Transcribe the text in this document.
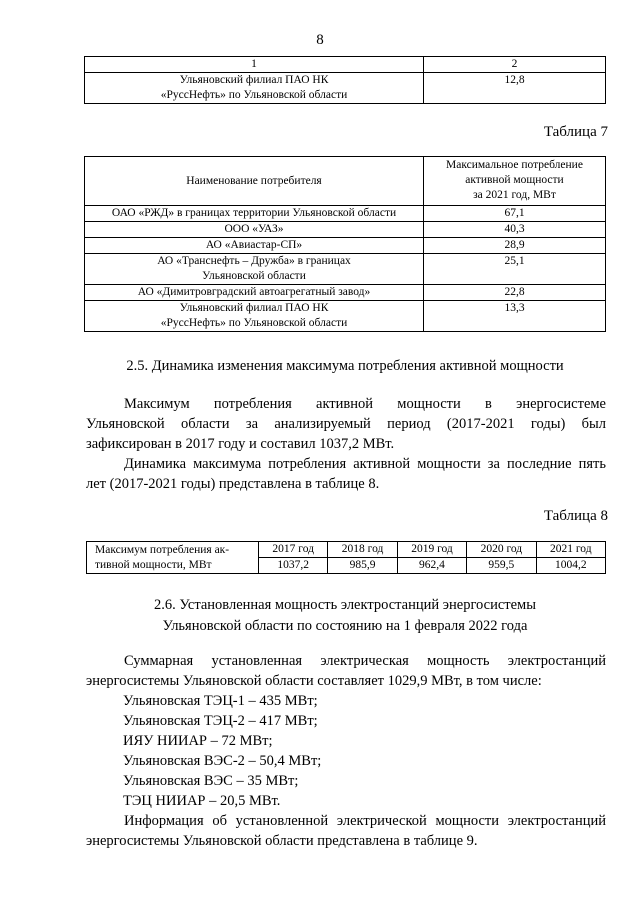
8
1	2

Ульяновский филиал ПАО НК
«РуссНефть» по Ульяновской области	12,8
Таблица 7
Наименование потребителя	Максимальное потребление
активной мощности
за 2021 год, МВт

ОАО «РЖД» в границах территории Ульяновской области	67,1
ООО «УАЗ»	40,3
АО «Авиастар-СП»	28,9

АО «Транснефть – Дружба» в границах
Ульяновской области	25,1
АО «Димитровградский автоагрегатный завод»	22,8

Ульяновский филиал ПАО НК
«РуссНефть» по Ульяновской области	13,3
2.5. Динамика изменения максимума потребления активной мощности
Максимум потребления активной мощности в энергосистеме
Ульяновской области за анализируемый период (2017-2021 годы) был
зафиксирован в 2017 году и составил 1037,2 МВт.
Динамика максимума потребления активной мощности за последние пять
лет (2017-2021 годы) представлена в таблице 8.
Таблица 8
Максимум потребления ак-
тивной мощности, МВт	2017 год	2018 год	2019 год	2020 год	2021 год
	1037,2	985,9	962,4	959,5	1004,2
2.6. Установленная мощность электростанций энергосистемы
Ульяновской области по состоянию на 1 февраля 2022 года
Суммарная установленная электрическая мощность электростанций
энергосистемы Ульяновской области составляет 1029,9 МВт, в том числе:
Ульяновская ТЭЦ-1 – 435 МВт;
Ульяновская ТЭЦ-2 – 417 МВт;
ИЯУ НИИАР – 72 МВт;
Ульяновская ВЭС-2 – 50,4 МВт;
Ульяновская ВЭС – 35 МВт;
ТЭЦ НИИАР – 20,5 МВт.
Информация об установленной электрической мощности электростанций
энергосистемы Ульяновской области представлена в таблице 9.
